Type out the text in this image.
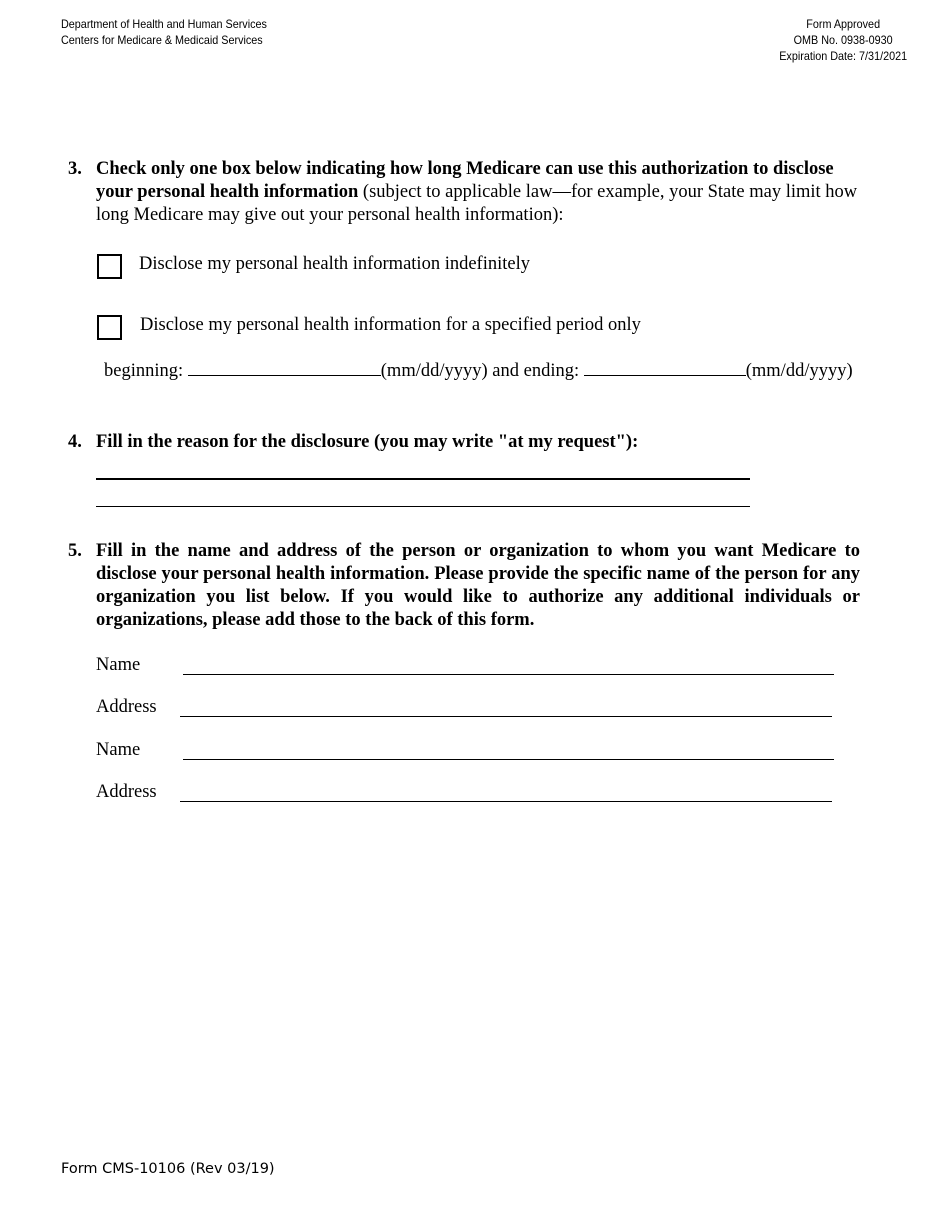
Department of Health and Human Services
Centers for Medicare & Medicaid Services
Form Approved
OMB No. 0938-0930
Expiration Date: 7/31/2021
3. Check only one box below indicating how long Medicare can use this authorization to disclose your personal health information (subject to applicable law—for example, your State may limit how long Medicare may give out your personal health information):
Disclose my personal health information indefinitely
Disclose my personal health information for a specified period only
beginning:	(mm/dd/yyyy) and ending:	(mm/dd/yyyy)
4. Fill in the reason for the disclosure (you may write "at my request"):
5. Fill in the name and address of the person or organization to whom you want Medicare to disclose your personal health information. Please provide the specific name of the person for any organization you list below. If you would like to authorize any additional individuals or organizations, please add those to the back of this form.
Name
Address
Name
Address
Form CMS-10106 (Rev 03/19)
